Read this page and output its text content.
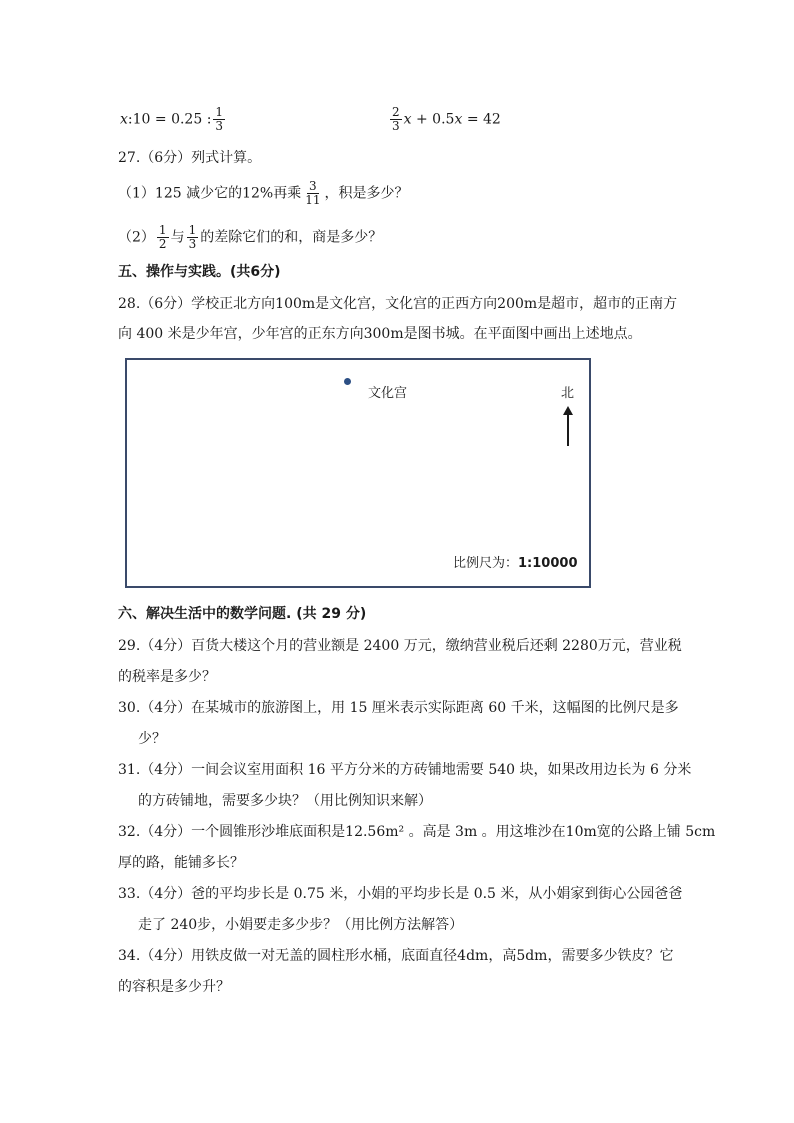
x:10 = 0.25 : $\frac{1}{3}$	$\frac{2}{3}$ x + 0.5x = 42
27.（6分）列式计算。
（1）125 减少它的12%再乘 $\frac{3}{11}$ ，积是多少？
$(2) \frac{1}{2}$ 与 $\frac{1}{3}$ 的差除它们的和，商是多少？
五、操作与实践。(共6分)
28.（6分）学校正北方向100m是文化宫，文化宫的正西方向200m是超市，超市的正南方
向 400 米是少年宫，少年宫的正东方向300m是图书城。在平面图中画出上述地点。
文化宫	北
比例尺为：1:10000
六、解决生活中的数学问题. (共 29 分)
29.（4分）百货大楼这个月的营业额是 2400 万元，缴纳营业税后还剩 2280万元，营业税
的税率是多少？
30.（4分）在某城市的旅游图上，用 15 厘米表示实际距离 60 千米，这幅图的比例尺是多
少？
31.（4分）一间会议室用面积 16 平方分米的方砖铺地需要 540 块，如果改用边长为 6 分米
的方砖铺地，需要多少块？（用比例知识来解）
32.（4分）一个圆锥形沙堆底面积是12.56m² 。高是 3m 。用这堆沙在10m宽的公路上铺 5cm
厚的路，能铺多长？
33.（4分）爸的平均步长是 0.75 米，小娟的平均步长是 0.5 米，从小娟家到街心公园爸爸
走了 240步，小娟要走多少步？（用比例方法解答）
34.（4分）用铁皮做一对无盖的圆柱形水桶，底面直径4dm，高5dm，需要多少铁皮？它
的容积是多少升？
